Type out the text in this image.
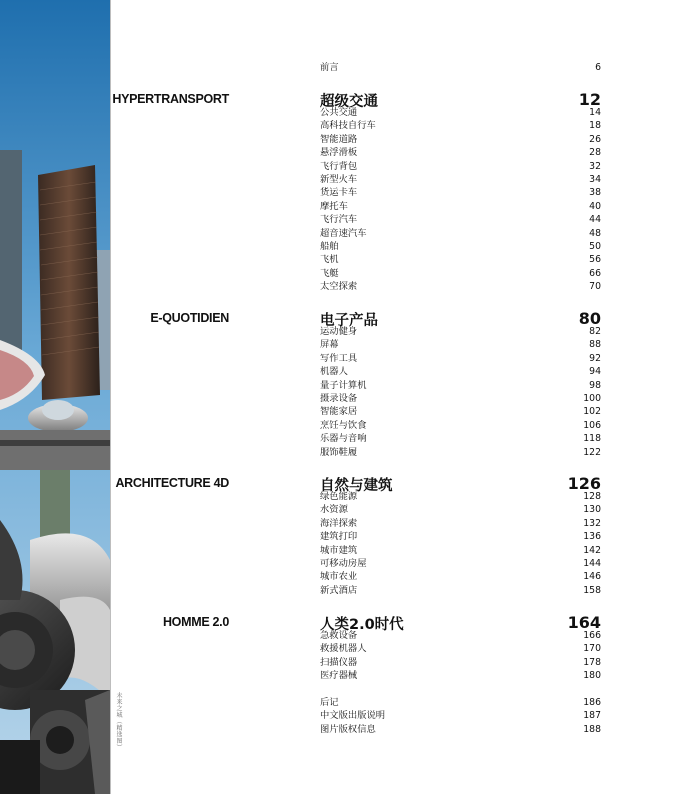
未来之城（精选图）
前言	6
HYPERTRANSPORT	超级交通	12
公共交通	14
高科技自行车	18
智能道路	26
悬浮滑板	28
飞行背包	32
新型火车	34
货运卡车	38
摩托车	40
飞行汽车	44
超音速汽车	48
船舶	50
飞机	56
飞艇	66
太空探索	70
E-QUOTIDIEN	电子产品	80
运动健身	82
屏幕	88
写作工具	92
机器人	94
量子计算机	98
摄录设备	100
智能家居	102
烹饪与饮食	106
乐器与音响	118
服饰鞋履	122
ARCHITECTURE 4D	自然与建筑	126
绿色能源	128
水资源	130
海洋探索	132
建筑打印	136
城市建筑	142
可移动房屋	144
城市农业	146
新式酒店	158
HOMME 2.0	人类2.0时代	164
急救设备	166
救援机器人	170
扫描仪器	178
医疗器械	180
后记	186
中文版出版说明	187
图片版权信息	188
